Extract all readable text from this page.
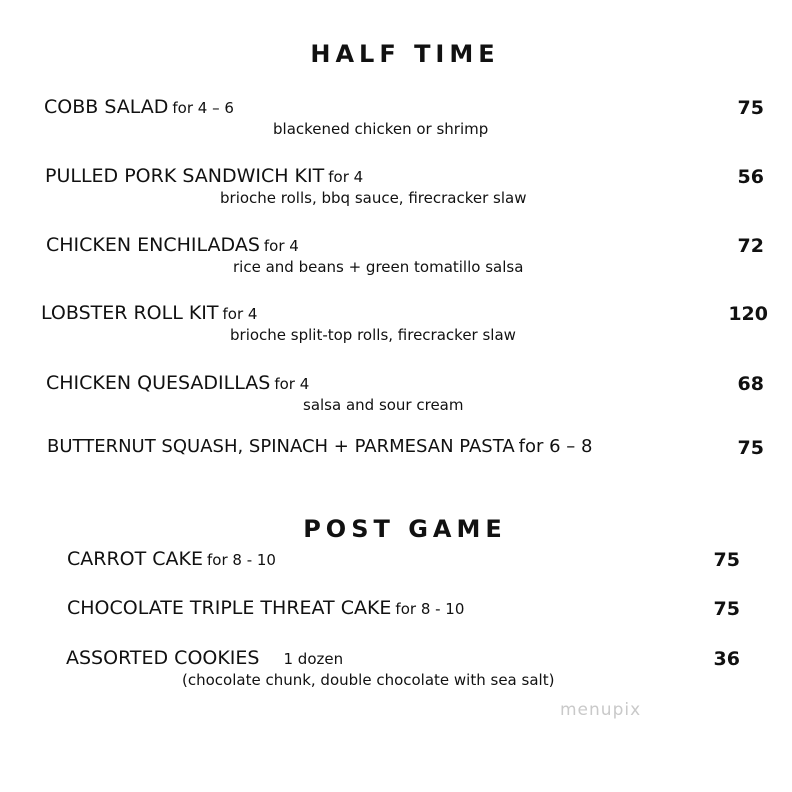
HALF TIME
COBB SALAD for 4 – 6
blackened chicken or shrimp
75
PULLED PORK SANDWICH KIT for 4
brioche rolls, bbq sauce, firecracker slaw
56
CHICKEN ENCHILADAS for 4
rice and beans + green tomatillo salsa
72
LOBSTER ROLL KIT for 4
brioche split-top rolls, firecracker slaw
120
CHICKEN QUESADILLAS for 4
salsa and sour cream
68
BUTTERNUT SQUASH, SPINACH + PARMESAN PASTA for 6 – 8	75
POST GAME
CARROT CAKE for 8 - 10	75
CHOCOLATE TRIPLE THREAT CAKE for 8 - 10	75
ASSORTED COOKIES 1 dozen
(chocolate chunk, double chocolate with sea salt)
36
menupix
